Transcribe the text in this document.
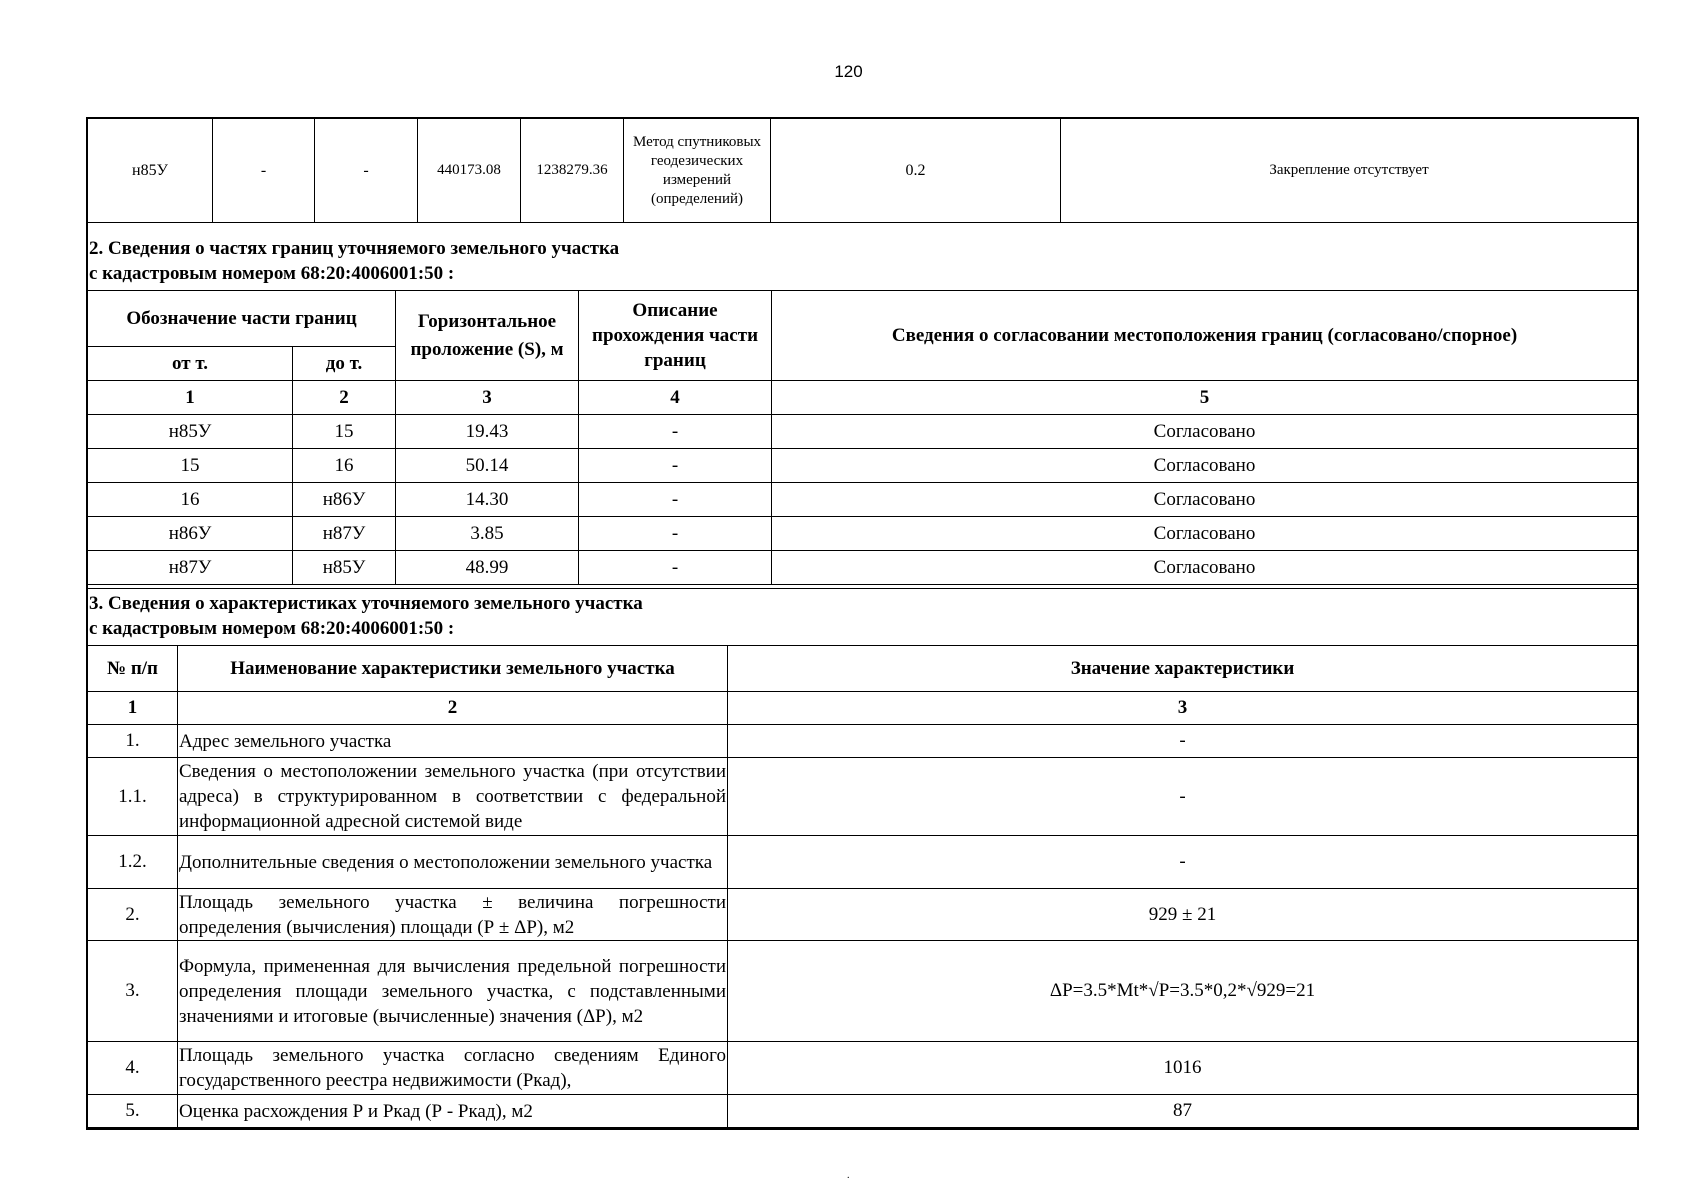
120
н85У	-	-	440173.08	1238279.36	Метод спутниковых геодезических измерений (определений)	0.2	Закрепление отсутствует
2. Сведения о частях границ уточняемого земельного участка
с кадастровым номером 68:20:4006001:50 :
Обозначение части границ		Горизонтальное проложение (S), м	Описание прохождения части границ	Сведения о согласовании местоположения границ (согласовано/спорное)
от т.	до т.			
1	2	3	4	5
н85У	15	19.43	-	Согласовано
15	16	50.14	-	Согласовано
16	н86У	14.30	-	Согласовано
н86У	н87У	3.85	-	Согласовано
н87У	н85У	48.99	-	Согласовано
3. Сведения о характеристиках уточняемого земельного участка
с кадастровым номером 68:20:4006001:50 :
№ п/п	Наименование характеристики земельного участка	Значение характеристики
1	2	3
1.	Адрес земельного участка	-
1.1.	Сведения о местоположении земельного участка (при отсутствии адреса) в структурированном в соответствии с федеральной информационной адресной системой виде	-
1.2.	Дополнительные сведения о местоположении земельного участка	-
2.	Площадь земельного участка ± величина погрешности определения (вычисления) площади (Р ± ΔР), м2	929 ± 21
3.	Формула, примененная для вычисления предельной погрешности определения площади земельного участка, с подставленными значениями и итоговые (вычисленные) значения (ΔР), м2	ΔР=3.5*Mt*√Р=3.5*0,2*√929=21
4.	Площадь земельного участка согласно сведениям Единого государственного реестра недвижимости (Ркад),	1016
5.	Оценка расхождения Р и Ркад (Р - Ркад), м2	87
.
